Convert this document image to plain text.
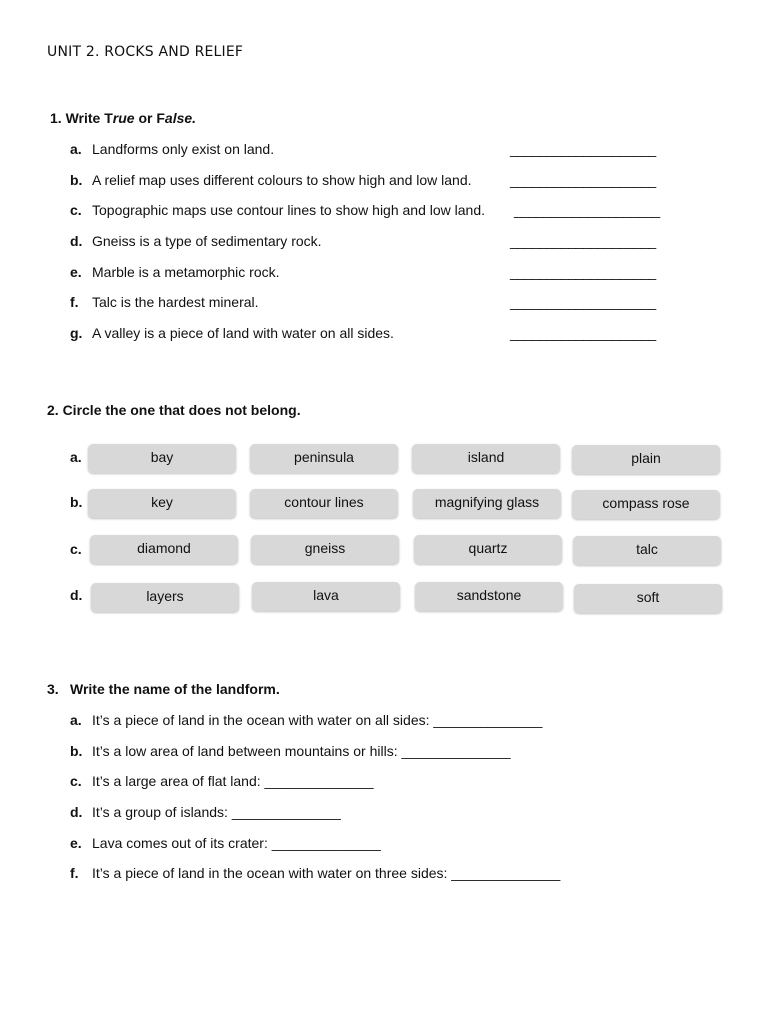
UNIT 2. ROCKS AND RELIEF
1. Write True or False.
a. Landforms only exist on land.	____________________
b. A relief map uses different colours to show high and low land.	____________________
c. Topographic maps use contour lines to show high and low land. ____________________
d. Gneiss is a type of sedimentary rock.	____________________
e. Marble is a metamorphic rock.	____________________
f. Talc is the hardest mineral.	____________________
g. A valley is a piece of land with water on all sides.	____________________
2. Circle the one that does not belong.
a.	bay	peninsula	island	plain
b.	key	contour lines	magnifying glass	compass rose
c.	diamond	gneiss	quartz	talc
d.	layers	lava	sandstone	soft
3. Write the name of the landform.
a. It’s a piece of land in the ocean with water on all sides: ______________
b. It’s a low area of land between mountains or hills: ______________
c. It’s a large area of flat land: ______________
d. It’s a group of islands: ______________
e. Lava comes out of its crater: ______________
f. It’s a piece of land in the ocean with water on three sides: ______________
